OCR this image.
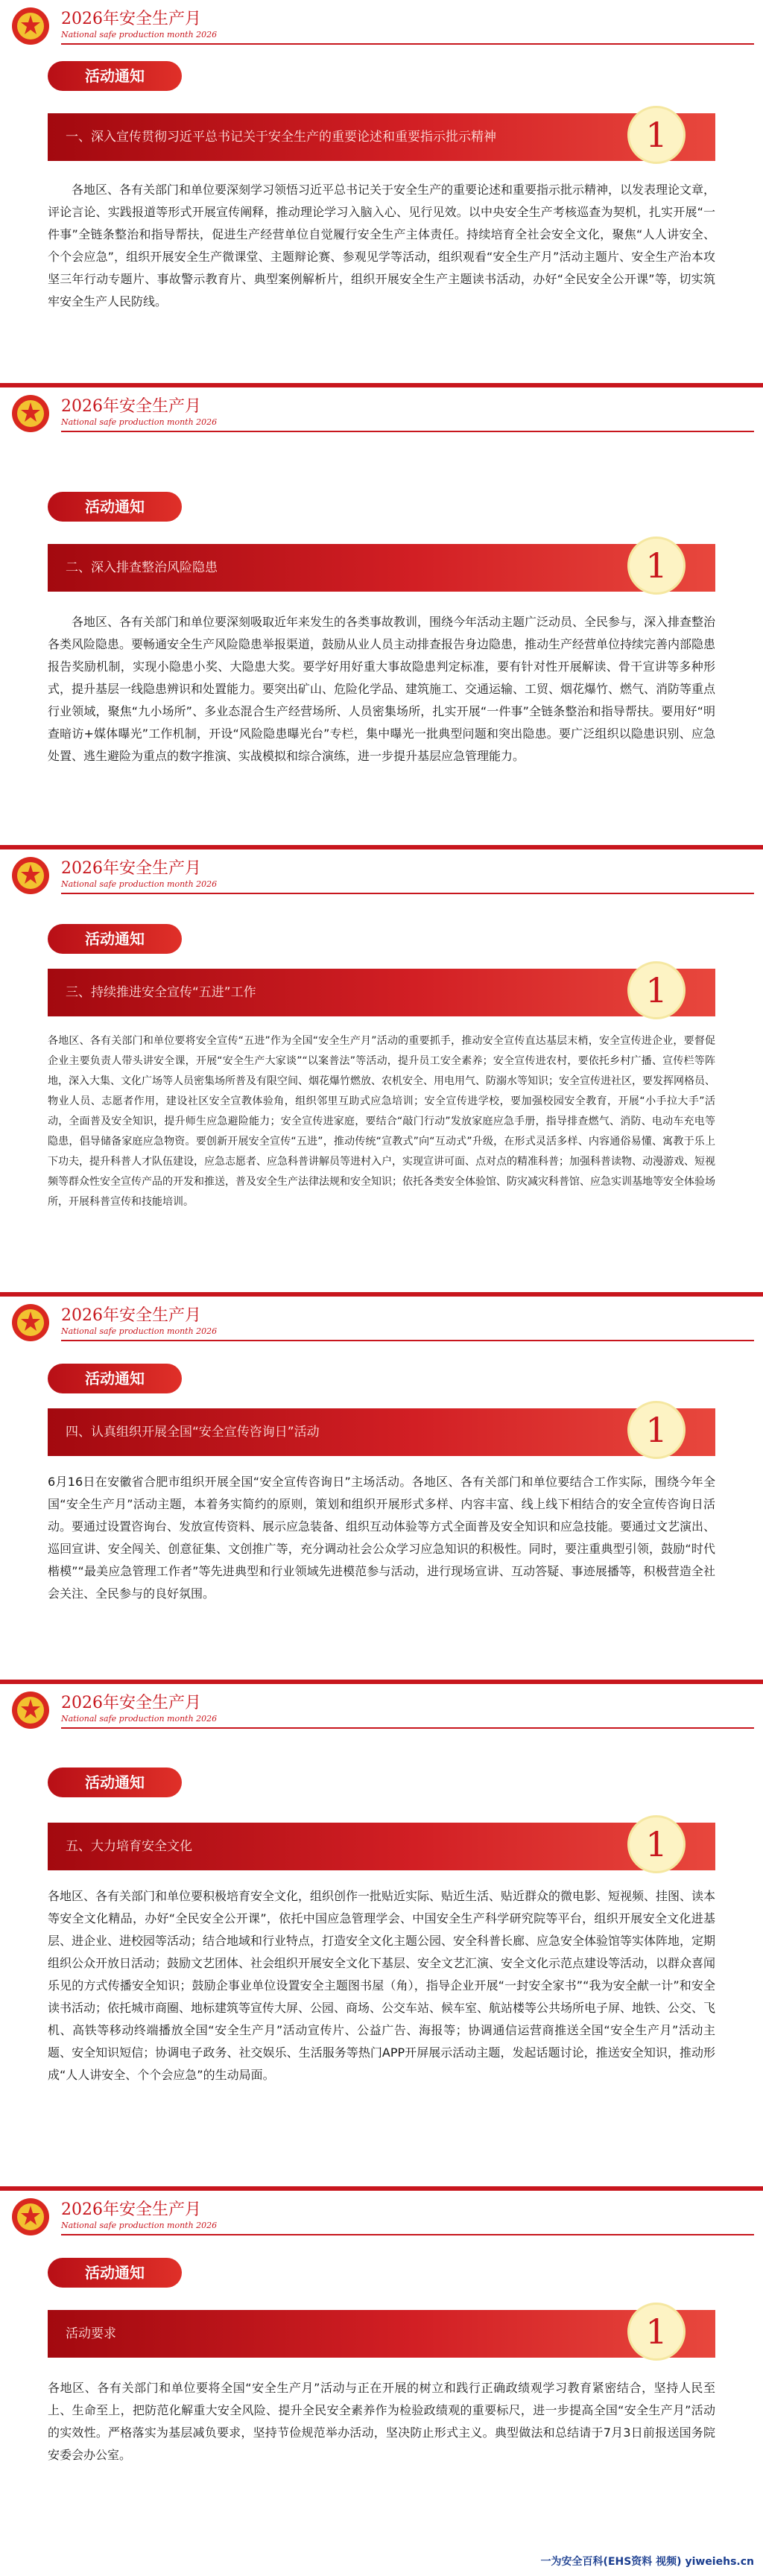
2026年安全生产月
National safe production month 2026
活动通知
一、深入宣传贯彻习近平总书记关于安全生产的重要论述和重要指示批示精神	1

各地区、各有关部门和单位要深刻学习领悟习近平总书记关于安全生产的重要论述和重要指示批示精神，以发表理论文章，评论言论、实践报道等形式开展宣传阐释，推动理论学习入脑入心、见行见效。以中央安全生产考核巡查为契机，扎实开展“一件事”全链条整治和指导帮扶，促进生产经营单位自觉履行安全生产主体责任。持续培育全社会安全文化，聚焦“人人讲安全、个个会应急”，组织开展安全生产微课堂、主题辩论赛、参观见学等活动，组织观看“安全生产月”活动主题片、安全生产治本攻坚三年行动专题片、事故警示教育片、典型案例解析片，组织开展安全生产主题读书活动，办好“全民安全公开课”等，切实筑牢安全生产人民防线。

2026年安全生产月
National safe production month 2026
活动通知
二、深入排查整治风险隐患	1

各地区、各有关部门和单位要深刻吸取近年来发生的各类事故教训，围绕今年活动主题广泛动员、全民参与，深入排查整治各类风险隐患。要畅通安全生产风险隐患举报渠道，鼓励从业人员主动排查报告身边隐患，推动生产经营单位持续完善内部隐患报告奖励机制，实现小隐患小奖、大隐患大奖。要学好用好重大事故隐患判定标准，要有针对性开展解读、骨干宣讲等多种形式，提升基层一线隐患辨识和处置能力。要突出矿山、危险化学品、建筑施工、交通运输、工贸、烟花爆竹、燃气、消防等重点行业领域，聚焦“九小场所”、多业态混合生产经营场所、人员密集场所，扎实开展“一件事”全链条整治和指导帮扶。要用好“明查暗访+媒体曝光”工作机制，开设“风险隐患曝光台”专栏，集中曝光一批典型问题和突出隐患。要广泛组织以隐患识别、应急处置、逃生避险为重点的数字推演、实战模拟和综合演练，进一步提升基层应急管理能力。

2026年安全生产月
National safe production month 2026
活动通知
三、持续推进安全宣传“五进”工作	1

各地区、各有关部门和单位要将安全宣传“五进”作为全国“安全生产月”活动的重要抓手，推动安全宣传直达基层末梢，安全宣传进企业，要督促企业主要负责人带头讲安全课，开展“安全生产大家谈”“以案普法”等活动，提升员工安全素养；安全宣传进农村，要依托乡村广播、宣传栏等阵地，深入大集、文化广场等人员密集场所普及有限空间、烟花爆竹燃放、农机安全、用电用气、防溺水等知识；安全宣传进社区，要发挥网格员、物业人员、志愿者作用，建设社区安全宣教体验角，组织邻里互助式应急培训；安全宣传进学校，要加强校园安全教育，开展“小手拉大手”活动，全面普及安全知识，提升师生应急避险能力；安全宣传进家庭，要结合“敲门行动”发放家庭应急手册，指导排查燃气、消防、电动车充电等隐患，倡导储备家庭应急物资。要创新开展安全宣传“五进”，推动传统“宣教式”向“互动式”升级，在形式灵活多样、内容通俗易懂、寓教于乐上下功夫，提升科普人才队伍建设，应急志愿者、应急科普讲解员等进村入户，实现宣讲可面、点对点的精准科普；加强科普读物、动漫游戏、短视频等群众性安全宣传产品的开发和推送，普及安全生产法律法规和安全知识；依托各类安全体验馆、防灾减灾科普馆、应急实训基地等安全体验场所，开展科普宣传和技能培训。

2026年安全生产月
National safe production month 2026
活动通知
四、认真组织开展全国“安全宣传咨询日”活动	1

6月16日在安徽省合肥市组织开展全国“安全宣传咨询日”主场活动。各地区、各有关部门和单位要结合工作实际，围绕今年全国“安全生产月”活动主题，本着务实简约的原则，策划和组织开展形式多样、内容丰富、线上线下相结合的安全宣传咨询日活动。要通过设置咨询台、发放宣传资料、展示应急装备、组织互动体验等方式全面普及安全知识和应急技能。要通过文艺演出、巡回宣讲、安全闯关、创意征集、文创推广等，充分调动社会公众学习应急知识的积极性。同时，要注重典型引领，鼓励“时代楷模”“最美应急管理工作者”等先进典型和行业领域先进模范参与活动，进行现场宣讲、互动答疑、事迹展播等，积极营造全社会关注、全民参与的良好氛围。

2026年安全生产月
National safe production month 2026
活动通知
五、大力培育安全文化	1

各地区、各有关部门和单位要积极培育安全文化，组织创作一批贴近实际、贴近生活、贴近群众的微电影、短视频、挂图、读本等安全文化精品，办好“全民安全公开课”，依托中国应急管理学会、中国安全生产科学研究院等平台，组织开展安全文化进基层、进企业、进校园等活动；结合地域和行业特点，打造安全文化主题公园、安全科普长廊、应急安全体验馆等实体阵地，定期组织公众开放日活动；鼓励文艺团体、社会组织开展安全文化下基层、安全文艺汇演、安全文化示范点建设等活动，以群众喜闻乐见的方式传播安全知识；鼓励企事业单位设置安全主题图书屋（角），指导企业开展“一封安全家书”“我为安全献一计”和安全读书活动；依托城市商圈、地标建筑等宣传大屏、公园、商场、公交车站、候车室、航站楼等公共场所电子屏、地铁、公交、飞机、高铁等移动终端播放全国“安全生产月”活动宣传片、公益广告、海报等；协调通信运营商推送全国“安全生产月”活动主题、安全知识短信；协调电子政务、社交娱乐、生活服务等热门APP开屏展示活动主题，发起话题讨论，推送安全知识，推动形成“人人讲安全、个个会应急”的生动局面。

2026年安全生产月
National safe production month 2026
活动通知
活动要求	1

各地区、各有关部门和单位要将全国“安全生产月”活动与正在开展的树立和践行正确政绩观学习教育紧密结合，坚持人民至上、生命至上，把防范化解重大安全风险、提升全民安全素养作为检验政绩观的重要标尺，进一步提高全国“安全生产月”活动的实效性。严格落实为基层减负要求，坚持节俭规范举办活动，坚决防止形式主义。典型做法和总结请于7月3日前报送国务院安委会办公室。

一为安全百科(EHS资料 视频) yiweiehs.cn
